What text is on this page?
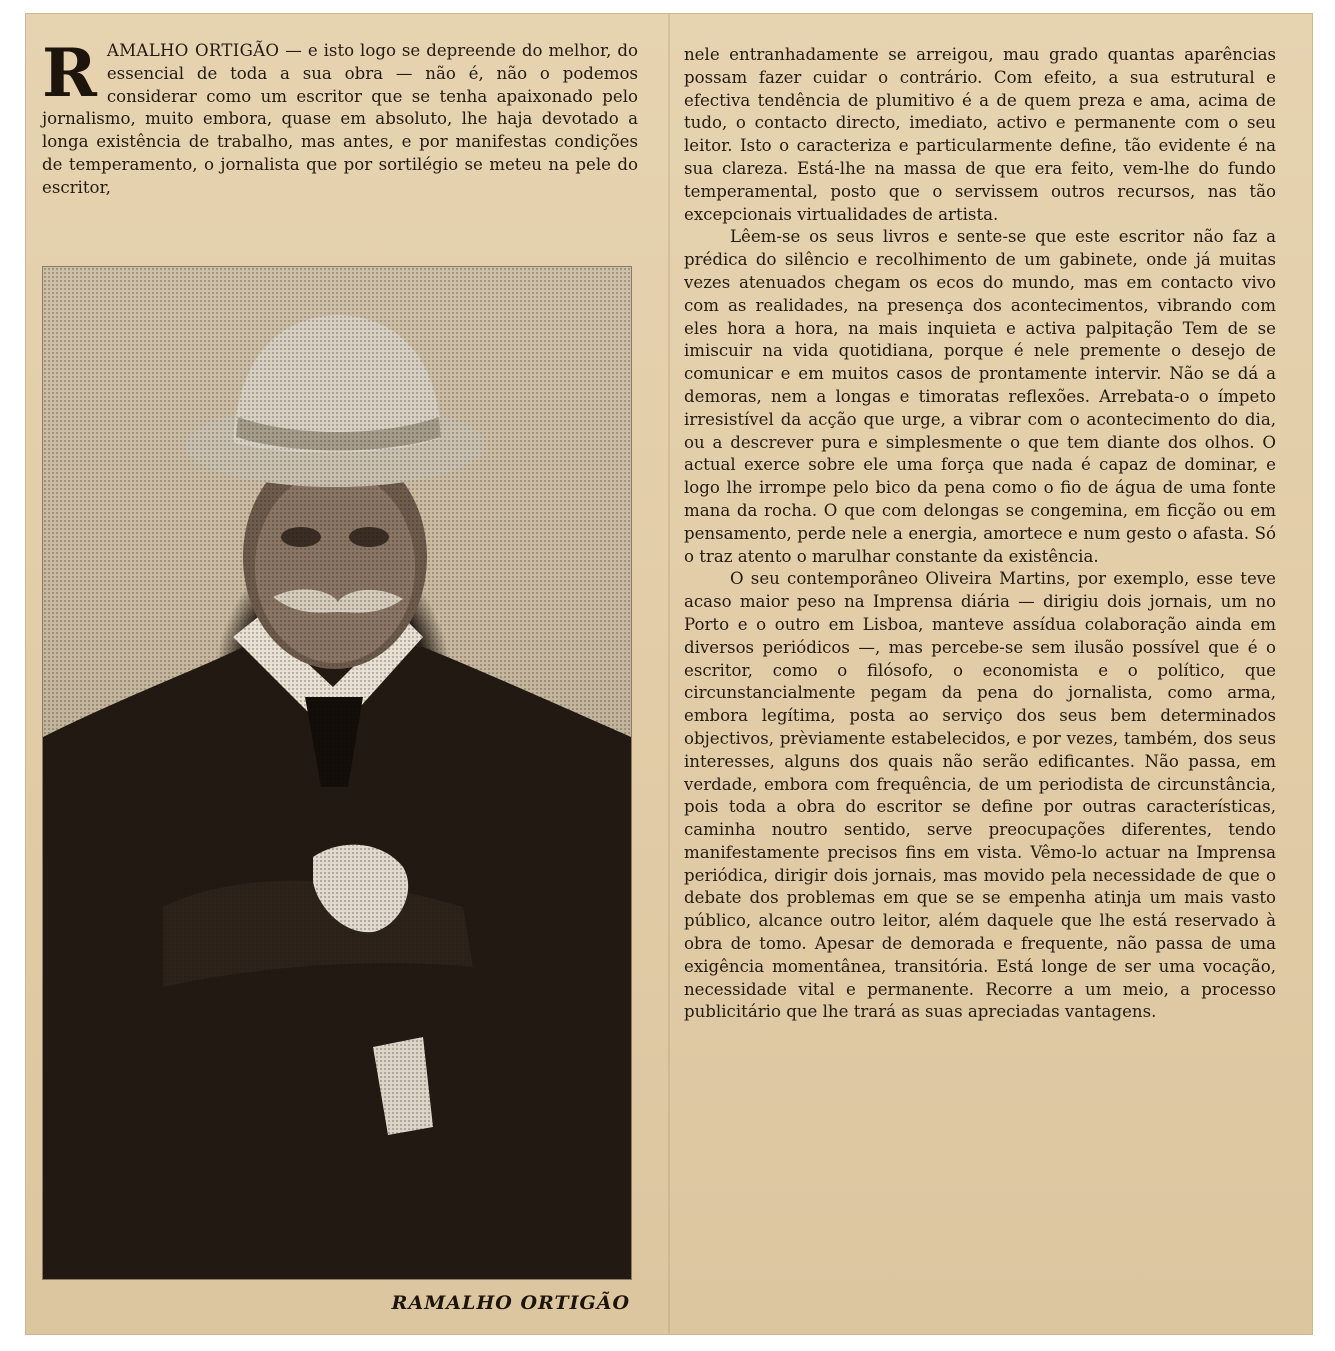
RAMALHO ORTIGÃO — e isto logo se depreende do melhor, do essencial de toda a sua obra — não é, não o podemos considerar como um escritor que se tenha apaixonado pelo jornalismo, muito embora, quase em absoluto, lhe haja devotado a longa existência de trabalho, mas antes, e por manifestas condições de temperamento, o jornalista que por sortilégio se meteu na pele do escritor,
RAMALHO ORTIGÃO

nele entranhadamente se arreigou, mau grado quantas aparências possam fazer cuidar o contrário. Com efeito, a sua estrutural e efectiva tendência de plumitivo é a de quem preza e ama, acima de tudo, o contacto directo, imediato, activo e permanente com o seu leitor. Isto o caracteriza e particularmente define, tão evidente é na sua clareza. Está-lhe na massa de que era feito, vem-lhe do fundo temperamental, posto que o servissem outros recursos, nas tão excepcionais virtualidades de artista.

Lêem-se os seus livros e sente-se que este escritor não faz a prédica do silêncio e recolhimento de um gabinete, onde já muitas vezes atenuados chegam os ecos do mundo, mas em contacto vivo com as realidades, na presença dos acontecimentos, vibrando com eles hora a hora, na mais inquieta e activa palpitação Tem de se imiscuir na vida quotidiana, porque é nele premente o desejo de comunicar e em muitos casos de prontamente intervir. Não se dá a demoras, nem a longas e timoratas reflexões. Arrebata-o o ímpeto irresistível da acção que urge, a vibrar com o acontecimento do dia, ou a descrever pura e simplesmente o que tem diante dos olhos. O actual exerce sobre ele uma força que nada é capaz de dominar, e logo lhe irrompe pelo bico da pena como o fio de água de uma fonte mana da rocha. O que com delongas se congemina, em ficção ou em pensamento, perde nele a energia, amortece e num gesto o afasta. Só o traz atento o marulhar constante da existência.

O seu contemporâneo Oliveira Martins, por exemplo, esse teve acaso maior peso na Imprensa diária — dirigiu dois jornais, um no Porto e o outro em Lisboa, manteve assídua colaboração ainda em diversos periódicos —, mas percebe-se sem ilusão possível que é o escritor, como o filósofo, o economista e o político, que circunstancialmente pegam da pena do jornalista, como arma, embora legítima, posta ao serviço dos seus bem determinados objectivos, prèviamente estabelecidos, e por vezes, também, dos seus interesses, alguns dos quais não serão edificantes. Não passa, em verdade, embora com frequência, de um periodista de circunstância, pois toda a obra do escritor se define por outras características, caminha noutro sentido, serve preocupações diferentes, tendo manifestamente precisos fins em vista. Vêmo-lo actuar na Imprensa periódica, dirigir dois jornais, mas movido pela necessidade de que o debate dos problemas em que se se empenha atinja um mais vasto público, alcance outro leitor, além daquele que lhe está reservado à obra de tomo. Apesar de demorada e frequente, não passa de uma exigência momentânea, transitória. Está longe de ser uma vocação, necessidade vital e permanente. Recorre a um meio, a processo publicitário que lhe trará as suas apreciadas vantagens.
